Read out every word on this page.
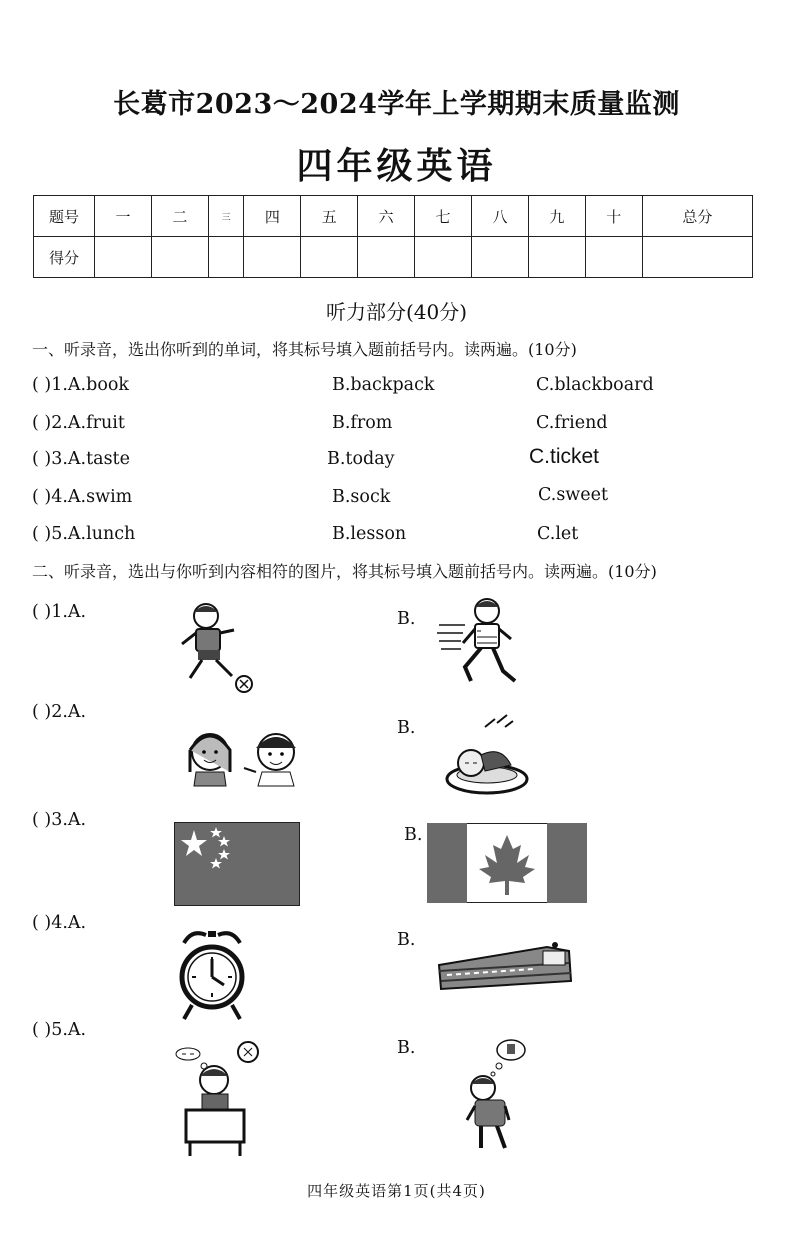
长葛市2023～2024学年上学期期末质量监测
四年级英语
题号	一	二	三	四	五	六	七	八	九	十	总分
得分											
听力部分(40分)
一、听录音，选出你听到的单词，将其标号填入题前括号内。读两遍。(10分)
( )1.A.book	B.backpack	C.blackboard
( )2.A.fruit	B.from	C.friend
( )3.A.taste	B.today	C.ticket
( )4.A.swim	B.sock	C.sweet
( )5.A.lunch	B.lesson	C.let
二、听录音，选出与你听到内容相符的图片，将其标号填入题前括号内。读两遍。(10分)
( )1.A.	B.
( )2.A.
B.
( )3.A.
B.
( )4.A.
B.
( )5.A.
B.
四年级英语第1页(共4页)
